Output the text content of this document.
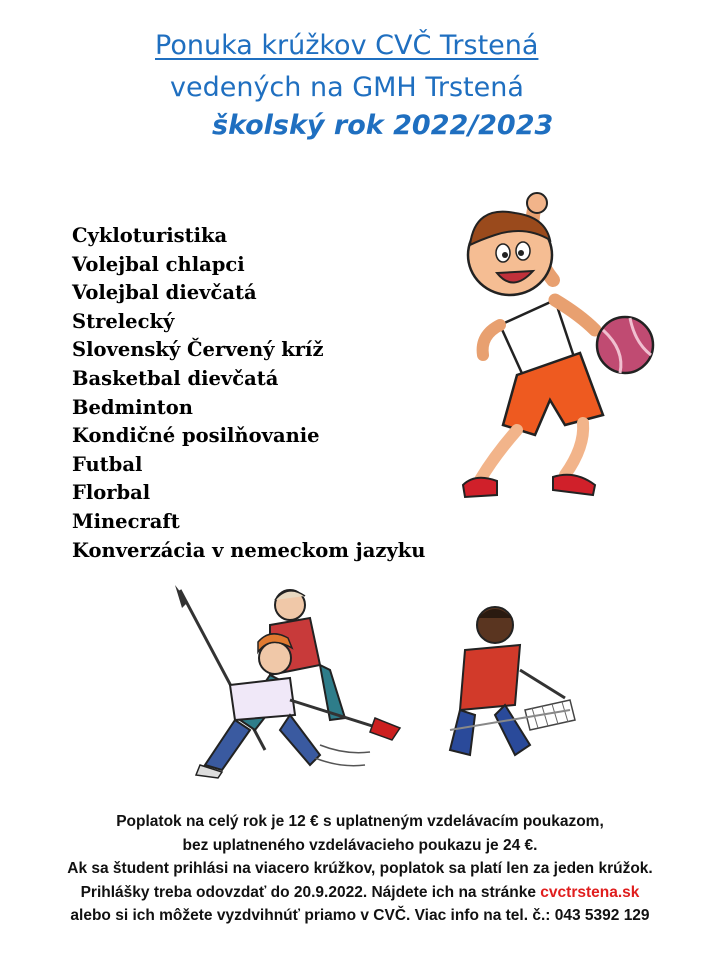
Ponuka krúžkov CVČ Trstená
vedených na GMH Trstená
školský rok 2022/2023
Cykloturistika
Volejbal chlapci
Volejbal dievčatá
Strelecký
Slovenský Červený kríž
Basketbal dievčatá
Bedminton
Kondičné posilňovanie
Futbal
Florbal
Minecraft
Konverzácia v nemeckom jazyku
Poplatok na celý rok je 12 € s uplatneným vzdelávacím poukazom,
bez uplatneného vzdelávacieho poukazu je 24 €.
Ak sa študent prihlási na viacero krúžkov, poplatok sa platí len za jeden krúžok.
Prihlášky treba odovzdať do 20.9.2022. Nájdete ich na stránke cvctrstena.sk
alebo si ich môžete vyzdvihnúť priamo v CVČ. Viac info na tel. č.: 043 5392 129
